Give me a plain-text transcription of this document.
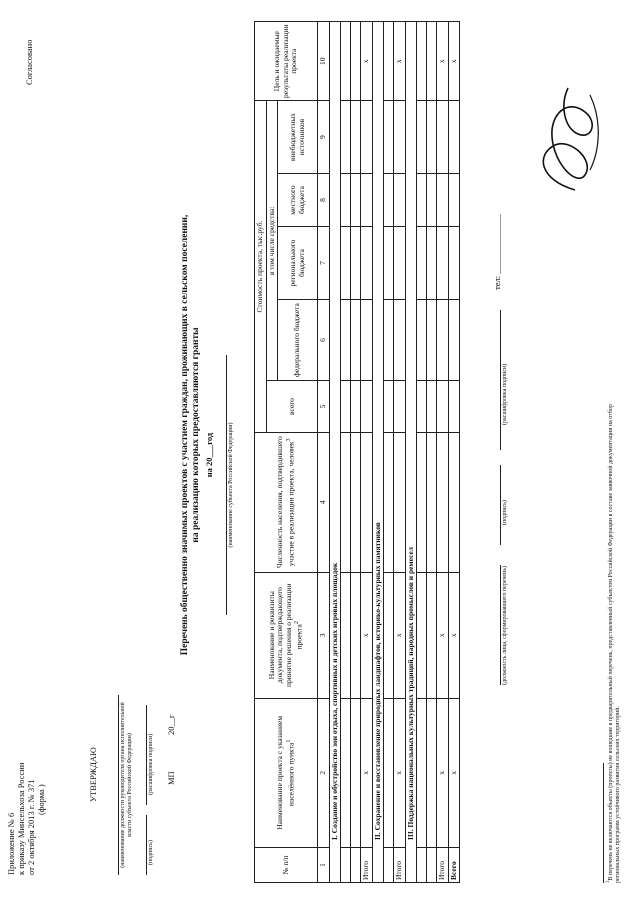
Приложение № 6 к приказу Минсельхоза России от 2 октября 2013 г. № 371 (форма )	УТВЕРЖДАЮ	(наименование должности руководителя органа исполнительной власти субъекта Российской Федерации)
(подпись)
(расшифровка подписи) МП
20__г
Согласовано
Перечень общественно значимых проектов с участием граждан, проживающих в сельском поселении, на реализацию которых предоставляются гранты на 20___год (наименование субъекта Российской Федерации)
№ п/п	Наименование проекта с указанием населённого пункта$^1$	Наименование и реквизиты документа, подтверждающего принятие решения о реализации проекта$^2$	Численность населения, подтвердившего участие в реализации проекта, человек$^3$	Стоимость проекта, тыс.руб.					Цель и ожидаемые результаты реализации проекта
				всего	в том числе средства:				
					федерального бюджета	регионального бюджета	местного бюджета	внебюджетных источников	
1	2	3	4	5	6	7	8	9	10
I. Создание и обустройство зон отдыха, спортивных и детских игровых площадок									

Итого	х	х							х
II. Сохранение и восстановление природных ландшафтов, историко-культурных памятников									

Итого	х	х							х
III. Поддержка национальных культурных традиций, народных промыслов и ремесел									

Итого	х	х							х
Всего	х	х							х
(должность лица, сформировавшего перечень)
(подпись)
(расшифровка подписи)
тел: ______________
$^1$В перечень не включаются объекты (проекты) не вошедшие в предварительный перечень, представленный субъектом Российской Федерации в составе заявочной документации на отбор региональных программ устойчивого развития сельских территорий.
